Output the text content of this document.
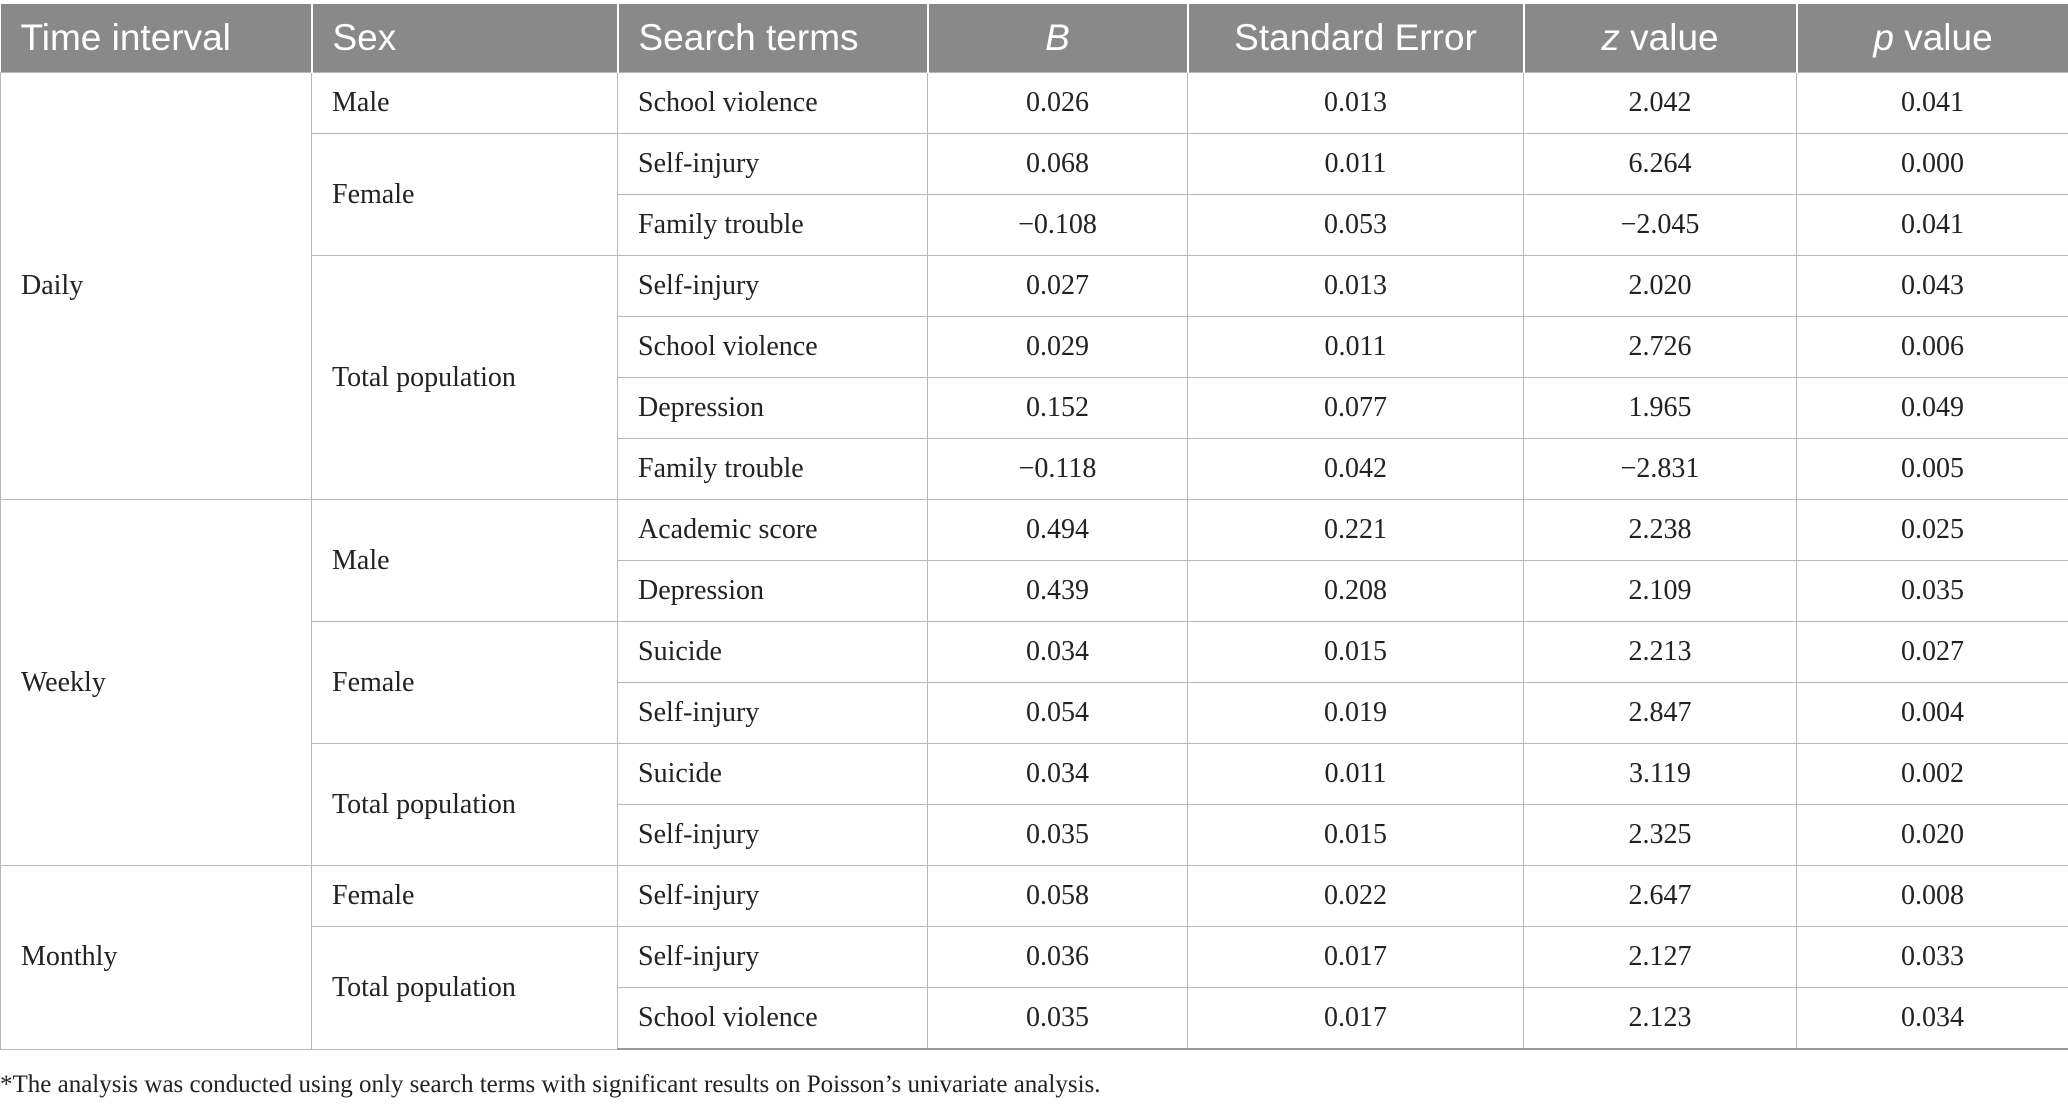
Time interval	Sex	Search terms	B	Standard Error	z value	p value
Daily	Male	School violence	0.026	0.013	2.042	0.041
	Female	Self-injury	0.068	0.011	6.264	0.000
		Family trouble	−0.108	0.053	−2.045	0.041
	Total population	Self-injury	0.027	0.013	2.020	0.043
		School violence	0.029	0.011	2.726	0.006
		Depression	0.152	0.077	1.965	0.049
		Family trouble	−0.118	0.042	−2.831	0.005
Weekly	Male	Academic score	0.494	0.221	2.238	0.025
		Depression	0.439	0.208	2.109	0.035
	Female	Suicide	0.034	0.015	2.213	0.027
		Self-injury	0.054	0.019	2.847	0.004
	Total population	Suicide	0.034	0.011	3.119	0.002
		Self-injury	0.035	0.015	2.325	0.020
Monthly	Female	Self-injury	0.058	0.022	2.647	0.008
	Total population	Self-injury	0.036	0.017	2.127	0.033
		School violence	0.035	0.017	2.123	0.034
*The analysis was conducted using only search terms with significant results on Poisson’s univariate analysis.
